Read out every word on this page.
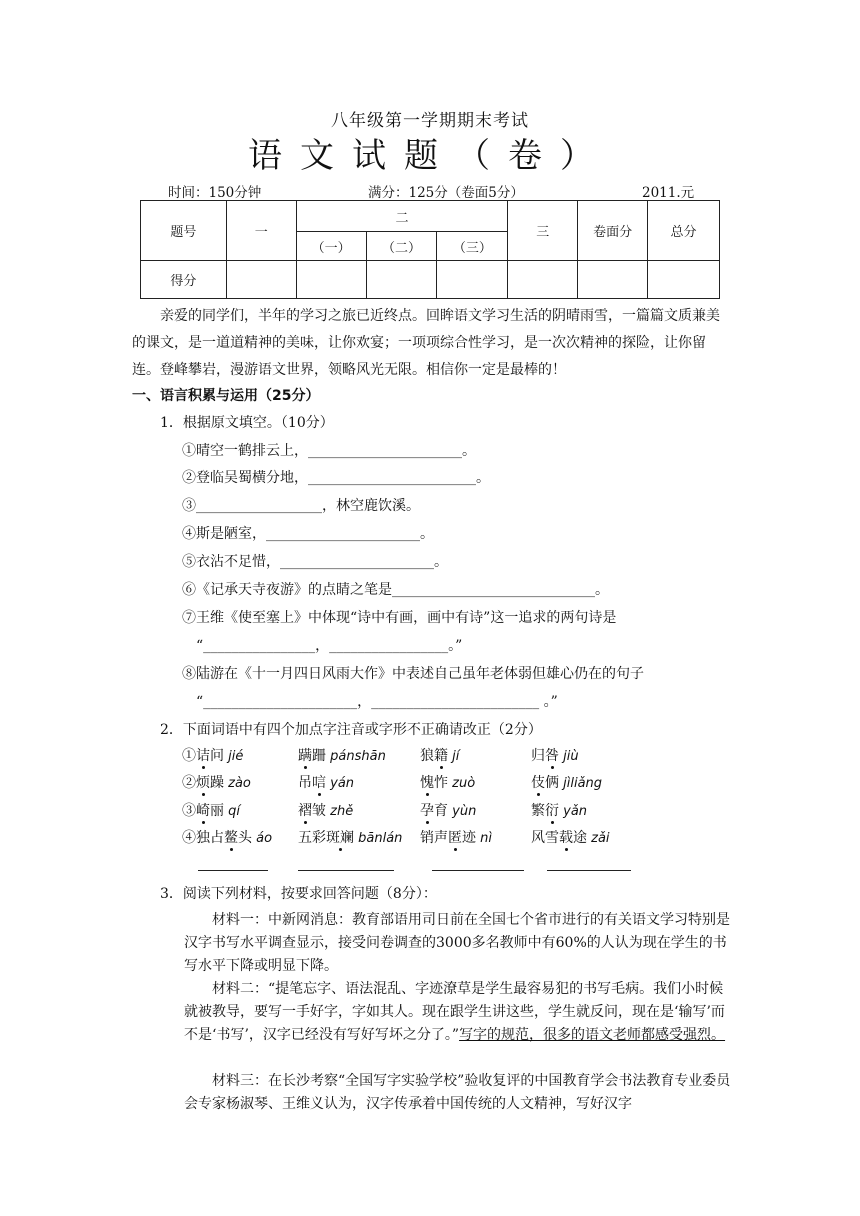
八年级第一学期期末考试
语文试题（卷）
时间：150分钟	满分：125分（卷面5分）	2011.元
题号	一	二			三	卷面分	总分
		（一）	（二）	（三）			
得分							

亲爱的同学们，半年的学习之旅已近终点。回眸语文学习生活的阴晴雨雪，一篇篇文质兼美的课文，是一道道精神的美味，让你欢宴；一项项综合性学习，是一次次精神的探险，让你留连。登峰攀岩，漫游语文世界，领略风光无限。相信你一定是最棒的！

一、语言积累与运用（25分）
1．根据原文填空。（10分）
①晴空一鹤排云上，______________________。
②登临吴蜀横分地，________________________。
③__________________，林空鹿饮溪。
④斯是陋室，______________________。
⑤衣沾不足惜，______________________。
⑥《记承天寺夜游》的点睛之笔是_____________________________。
⑦王维《使至塞上》中体现“诗中有画，画中有诗”这一追求的两句诗是
“________________，_________________。”
⑧陆游在《十一月四日风雨大作》中表述自己虽年老体弱但雄心仍在的句子
“______________________，________________________ 。”
2．下面词语中有四个加点字注音或字形不正确请改正（2分）
①诘问 jié	蹒跚 pánshān 狼籍 jí	归咎 jiù
②烦躁 zào	吊唁 yán	愧怍 zuò	伎俩 jìliǎng
③崎丽 qí	褶皱 zhě	孕育 yùn	繁衍 yǎn
④独占鳌头 áo 五彩斑斓 bānlán 销声匿迹 nì	风雪载途 zǎi
3．阅读下列材料，按要求回答问题（8分）：

材料一：中新网消息：教育部语用司日前在全国七个省市进行的有关语文学习特别是汉字书写水平调查显示，接受问卷调查的3000多名教师中有60%的人认为现在学生的书写水平下降或明显下降。

材料二：“提笔忘字、语法混乱、字迹潦草是学生最容易犯的书写毛病。我们小时候就被教导，要写一手好字，字如其人。现在跟学生讲这些，学生就反问，现在是‘输写’而不是‘书写’，汉字已经没有写好写坏之分了。”写字的规范，很多的语文老师都感受强烈。

材料三：在长沙考察“全国写字实验学校”验收复评的中国教育学会书法教育专业委员会专家杨淑琴、王维义认为，汉字传承着中国传统的人文精神，写好汉字
